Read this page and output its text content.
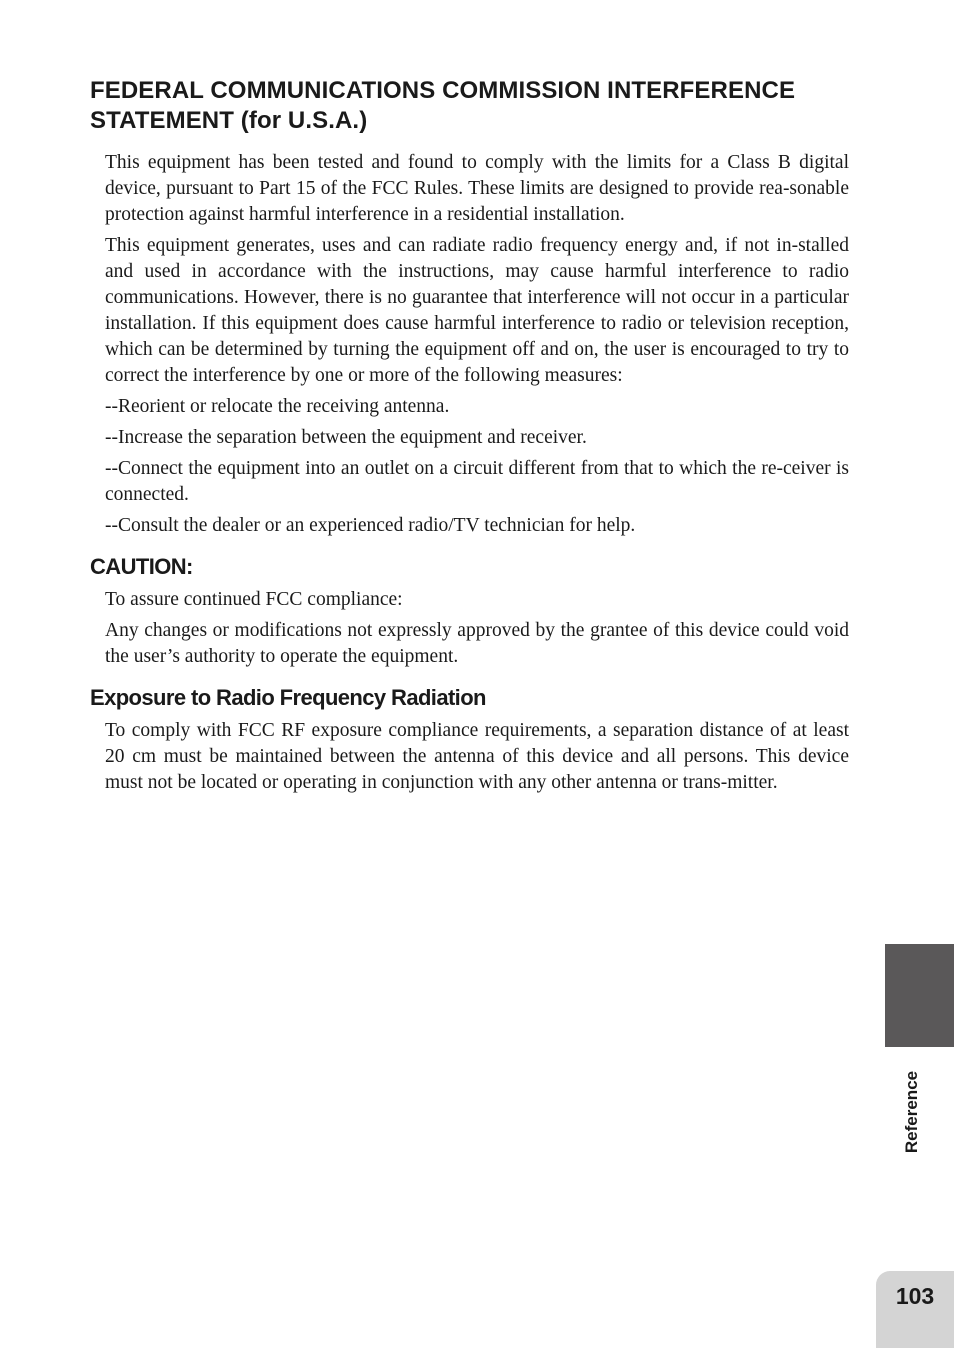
FEDERAL COMMUNICATIONS COMMISSION INTERFERENCE STATEMENT (for U.S.A.)

This equipment has been tested and found to comply with the limits for a Class B digital device, pursuant to Part 15 of the FCC Rules. These limits are designed to provide rea-sonable protection against harmful interference in a residential installation.

This equipment generates, uses and can radiate radio frequency energy and, if not in-stalled and used in accordance with the instructions, may cause harmful interference to radio communications. However, there is no guarantee that interference will not occur in a particular installation. If this equipment does cause harmful interference to radio or television reception, which can be determined by turning the equipment off and on, the user is encouraged to try to correct the interference by one or more of the following measures:

--Reorient or relocate the receiving antenna.

--Increase the separation between the equipment and receiver.

--Connect the equipment into an outlet on a circuit different from that to which the re-ceiver is connected.

--Consult the dealer or an experienced radio/TV technician for help.

CAUTION:

To assure continued FCC compliance:

Any changes or modifications not expressly approved by the grantee of this device could void the user’s authority to operate the equipment.

Exposure to Radio Frequency Radiation

To comply with FCC RF exposure compliance requirements, a separation distance of at least 20 cm must be maintained between the antenna of this device and all persons. This device must not be located or operating in conjunction with any other antenna or trans-mitter.

Reference
103
